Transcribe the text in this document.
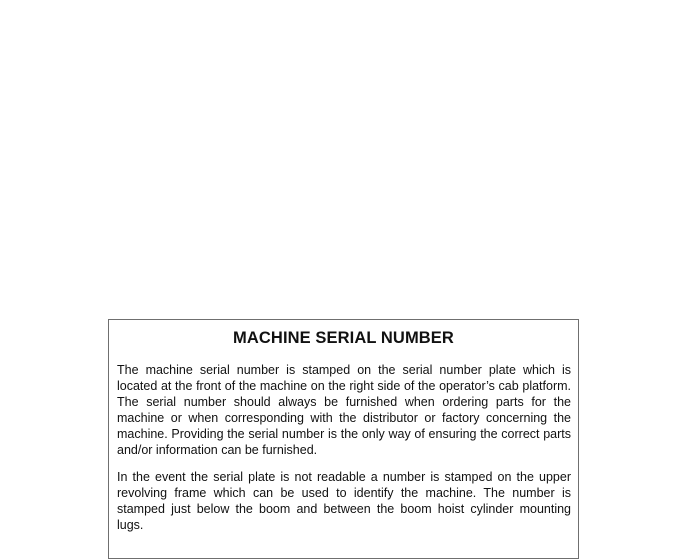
MACHINE SERIAL NUMBER

The machine serial number is stamped on the serial number plate which is located at the front of the machine on the right side of the operator’s cab platform. The serial number should always be furnished when ordering parts for the machine or when corresponding with the distributor or factory concerning the machine. Providing the serial number is the only way of ensuring the correct parts and/or information can be furnished.

In the event the serial plate is not readable a number is stamped on the upper revolving frame which can be used to identify the machine. The number is stamped just below the boom and between the boom hoist cylinder mounting lugs.
